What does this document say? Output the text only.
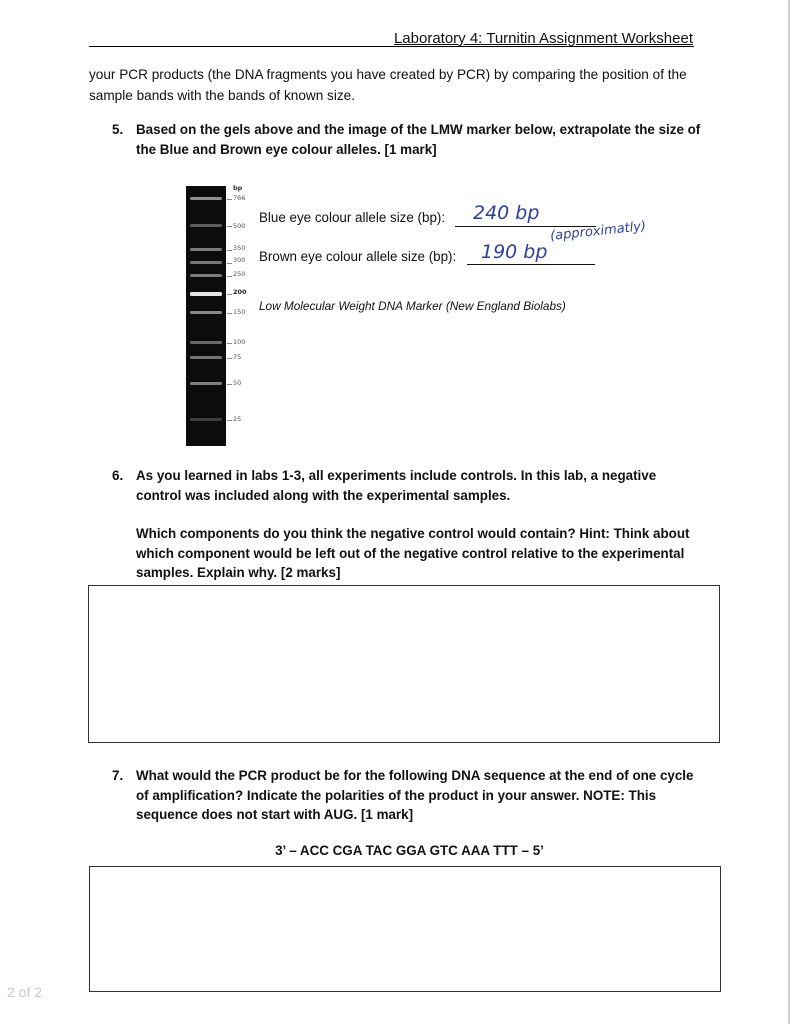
Laboratory 4: Turnitin Assignment Worksheet
your PCR products (the DNA fragments you have created by PCR) by comparing the position of the sample bands with the bands of known size.
5. Based on the gels above and the image of the LMW marker below, extrapolate the size of the Blue and Brown eye colour alleles. [1 mark]

bp
766
500
350
300
250
200
150
100
75
50
25
Blue eye colour allele size (bp): 240 bp
Brown eye colour allele size (bp): 190 bp
(approximatly)
Low Molecular Weight DNA Marker (New England Biolabs)
6. As you learned in labs 1-3, all experiments include controls. In this lab, a negative control was included along with the experimental samples.

Which components do you think the negative control would contain? Hint: Think about which component would be left out of the negative control relative to the experimental samples. Explain why. [2 marks]

7. What would the PCR product be for the following DNA sequence at the end of one cycle of amplification? Indicate the polarities of the product in your answer. NOTE: This sequence does not start with AUG. [1 mark]

3’ – ACC CGA TAC GGA GTC AAA TTT – 5’
2 of 2
